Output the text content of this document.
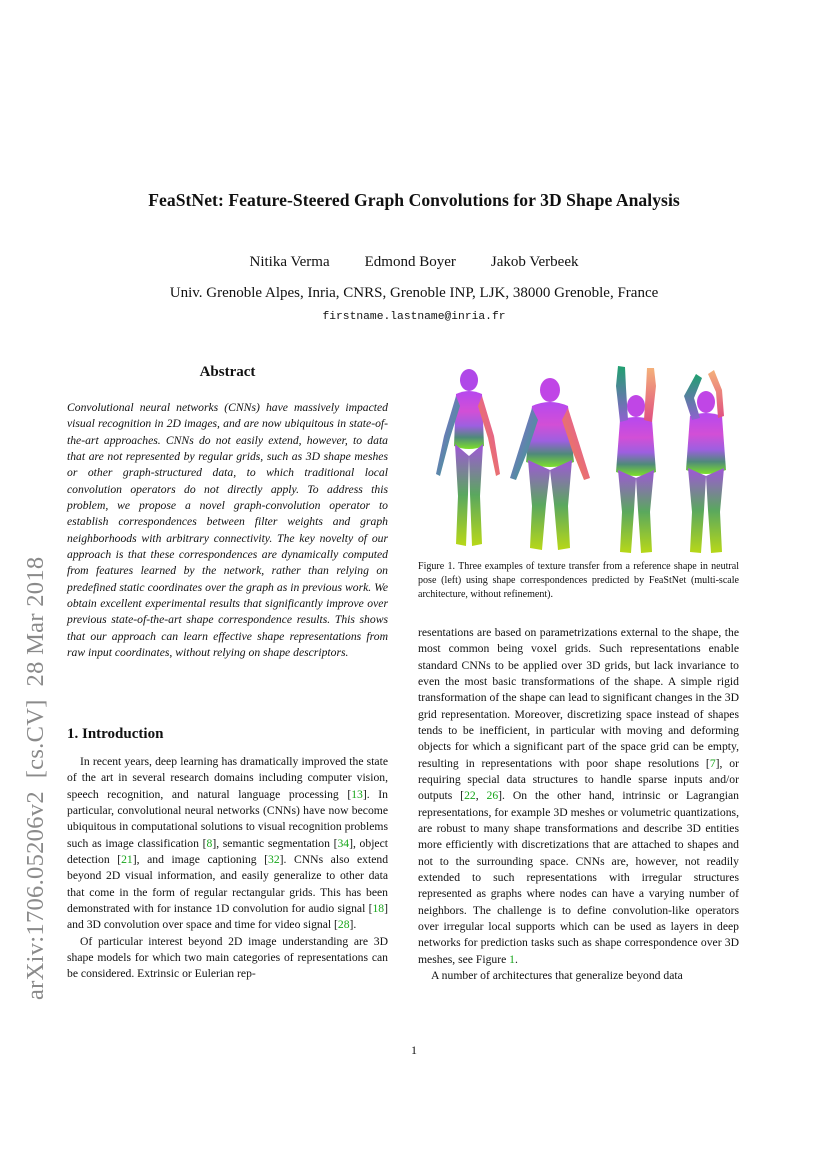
arXiv:1706.05206v2  [cs.CV]  28 Mar 2018
FeaStNet: Feature-Steered Graph Convolutions for 3D Shape Analysis
Nitika Verma Edmond Boyer Jakob Verbeek
Univ. Grenoble Alpes, Inria, CNRS, Grenoble INP, LJK, 38000 Grenoble, France
firstname.lastname@inria.fr
Abstract

Convolutional neural networks (CNNs) have massively impacted visual recognition in 2D images, and are now ubiquitous in state-of-the-art approaches. CNNs do not easily extend, however, to data that are not represented by regular grids, such as 3D shape meshes or other graph-structured data, to which traditional local convolution operators do not directly apply. To address this problem, we propose a novel graph-convolution operator to establish correspondences between filter weights and graph neighborhoods with arbitrary connectivity. The key novelty of our approach is that these correspondences are dynamically computed from features learned by the network, rather than relying on predefined static coordinates over the graph as in previous work. We obtain excellent experimental results that significantly improve over previous state-of-the-art shape correspondence results. This shows that our approach can learn effective shape representations from raw input coordinates, without relying on shape descriptors.

1. Introduction

In recent years, deep learning has dramatically improved the state of the art in several research domains including computer vision, speech recognition, and natural language processing [13]. In particular, convolutional neural networks (CNNs) have now become ubiquitous in computational solutions to visual recognition problems such as image classification [8], semantic segmentation [34], object detection [21], and image captioning [32]. CNNs also extend beyond 2D visual information, and easily generalize to other data that come in the form of regular rectangular grids. This has been demonstrated with for instance 1D convolution for audio signal [18] and 3D convolution over space and time for video signal [28].

Of particular interest beyond 2D image understanding are 3D shape models for which two main categories of representations can be considered. Extrinsic or Eulerian rep-

Figure 1. Three examples of texture transfer from a reference shape in neutral pose (left) using shape correspondences predicted by FeaStNet (multi-scale architecture, without refinement).

resentations are based on parametrizations external to the shape, the most common being voxel grids. Such representations enable standard CNNs to be applied over 3D grids, but lack invariance to even the most basic transformations of the shape. A simple rigid transformation of the shape can lead to significant changes in the 3D grid representation. Moreover, discretizing space instead of shapes tends to be inefficient, in particular with moving and deforming objects for which a significant part of the space grid can be empty, resulting in representations with poor shape resolutions [7], or requiring special data structures to handle sparse inputs and/or outputs [22, 26]. On the other hand, intrinsic or Lagrangian representations, for example 3D meshes or volumetric quantizations, are robust to many shape transformations and describe 3D entities more efficiently with discretizations that are attached to shapes and not to the surrounding space. CNNs are, however, not readily extended to such representations with irregular structures represented as graphs where nodes can have a varying number of neighbors. The challenge is to define convolution-like operators over irregular local supports which can be used as layers in deep networks for prediction tasks such as shape correspondence over 3D meshes, see Figure 1.

A number of architectures that generalize beyond data

1
